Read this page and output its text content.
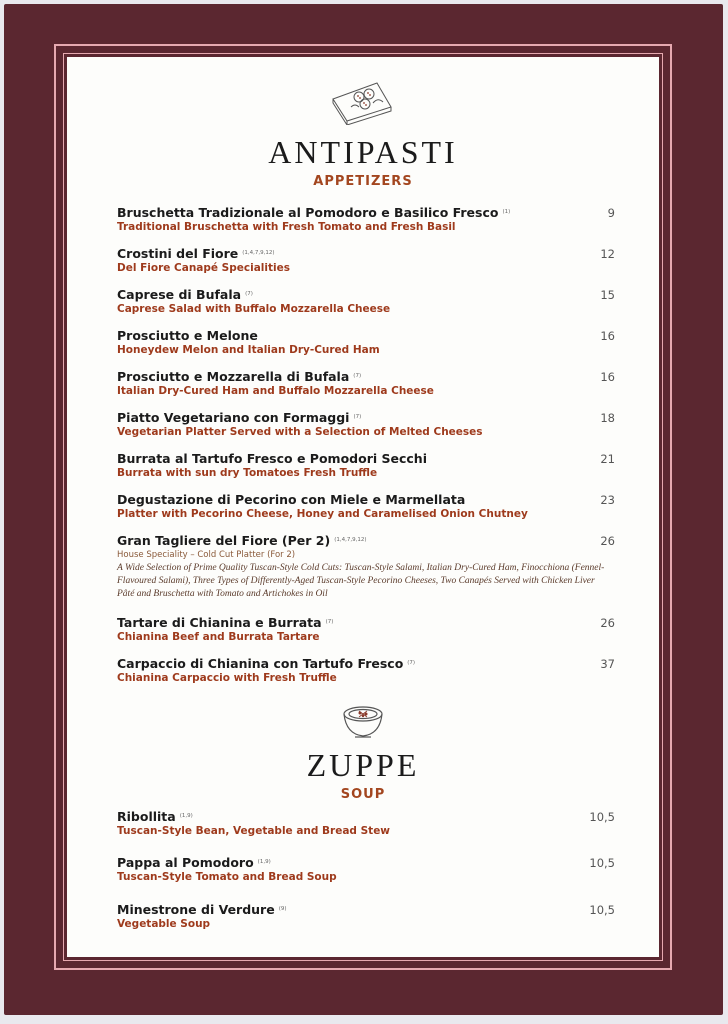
ANTIPASTI
APPETIZERS
Bruschetta Tradizionale al Pomodoro e Basilico Fresco $^{(1)}$
Traditional Bruschetta with Fresh Tomato and Fresh Basil
9
Crostini del Fiore $^{(1,4,7,9,12)}$
Del Fiore Canapé Specialities
12
Caprese di Bufala $^{(7)}$
Caprese Salad with Buffalo Mozzarella Cheese
15
Prosciutto e Melone
Honeydew Melon and Italian Dry-Cured Ham
16
Prosciutto e Mozzarella di Bufala $^{(7)}$
Italian Dry-Cured Ham and Buffalo Mozzarella Cheese
16
Piatto Vegetariano con Formaggi $^{(7)}$
Vegetarian Platter Served with a Selection of Melted Cheeses
18
Burrata al Tartufo Fresco e Pomodori Secchi
Burrata with sun dry Tomatoes Fresh Truffle
21
Degustazione di Pecorino con Miele e Marmellata
Platter with Pecorino Cheese, Honey and Caramelised Onion Chutney
23
Gran Tagliere del Fiore (Per 2) $^{(1,4,7,9,12)}$
House Speciality – Cold Cut Platter (For 2)
A Wide Selection of Prime Quality Tuscan-Style Cold Cuts: Tuscan-Style Salami, Italian Dry-Cured Ham, Finocchiona (Fennel-Flavoured Salami), Three Types of Differently-Aged Tuscan-Style Pecorino Cheeses, Two Canapés Served with Chicken Liver Pâté and Bruschetta with Tomato and Artichokes in Oil
26
Tartare di Chianina e Burrata $^{(7)}$
Chianina Beef and Burrata Tartare
26
Carpaccio di Chianina con Tartufo Fresco $^{(7)}$
Chianina Carpaccio with Fresh Truffle
37
ZUPPE
SOUP
Ribollita $^{(1,9)}$
Tuscan-Style Bean, Vegetable and Bread Stew
10,5
Pappa al Pomodoro $^{(1,9)}$
Tuscan-Style Tomato and Bread Soup
10,5
Minestrone di Verdure $^{(9)}$
Vegetable Soup
10,5
